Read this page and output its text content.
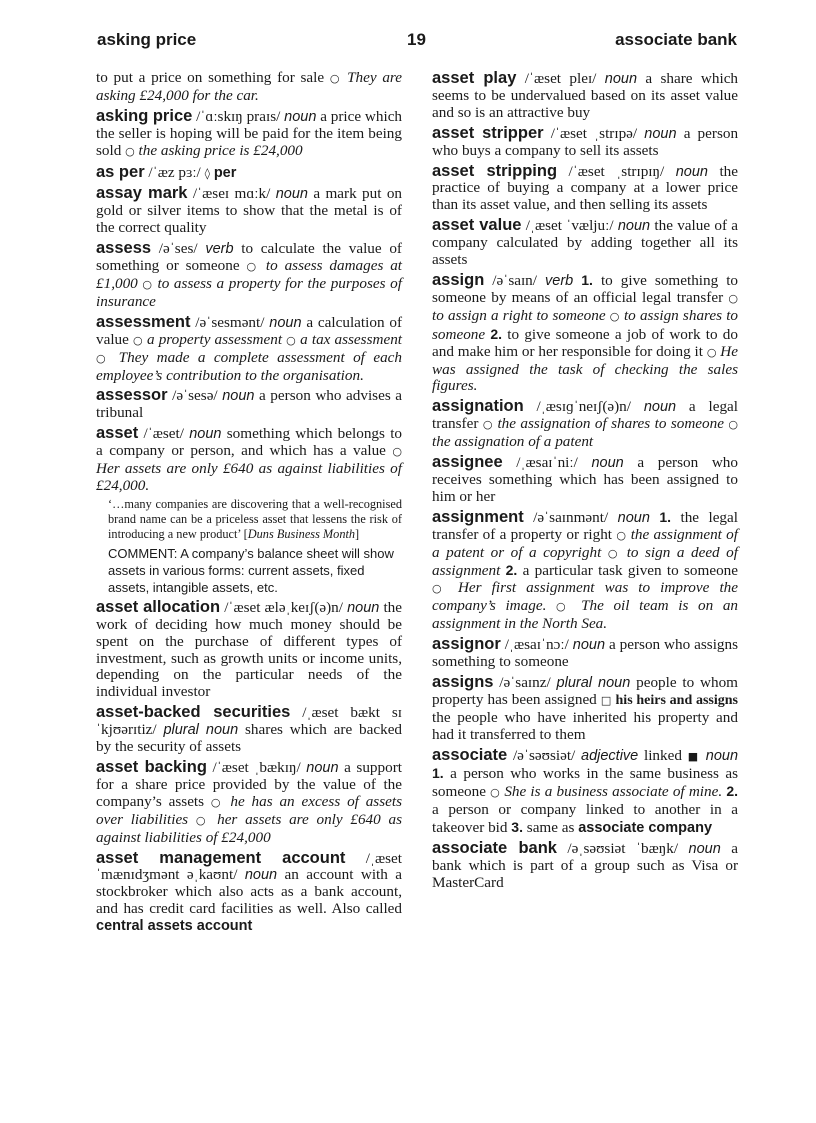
asking price	19	associate bank
to put a price on something for sale ○ They are asking £24,000 for the car.
asking price /ˈɑːskɪŋ praɪs/ noun a price which the seller is hoping will be paid for the item being sold ○ the asking price is £24,000
as per /ˈæz pɜː/ ◊ per
assay mark /ˈæseɪ mɑːk/ noun a mark put on gold or silver items to show that the metal is of the correct quality
assess /əˈses/ verb to calculate the value of something or someone ○ to assess damages at £1,000 ○ to assess a property for the purposes of insurance
assessment /əˈsesmənt/ noun a calculation of value ○ a property assessment ○ a tax assessment ○ They made a complete assessment of each employee’s contribution to the organisation.
assessor /əˈsesə/ noun a person who advises a tribunal
asset /ˈæset/ noun something which belongs to a company or person, and which has a value ○ Her assets are only £640 as against liabilities of £24,000.
‘…many companies are discovering that a well-recognised brand name can be a priceless asset that lessens the risk of introducing a new product’ [Duns Business Month]
COMMENT: A company’s balance sheet will show assets in various forms: current assets, fixed assets, intangible assets, etc.
asset allocation /ˈæset æləˌkeɪʃ(ə)n/ noun the work of deciding how much money should be spent on the purchase of different types of investment, such as growth units or income units, depending on the particular needs of the individual investor
asset-backed securities /ˌæset bækt sɪˈkjʊərɪtiz/ plural noun shares which are backed by the security of assets
asset backing /ˈæset ˌbækɪŋ/ noun a support for a share price provided by the value of the company’s assets ○ he has an excess of assets over liabilities ○ her assets are only £640 as against liabilities of £24,000
asset management account /ˌæset ˈmænɪdʒmənt əˌkaʊnt/ noun an account with a stockbroker which also acts as a bank account, and has credit card facilities as well. Also called central assets account
asset play /ˈæset pleɪ/ noun a share which seems to be undervalued based on its asset value and so is an attractive buy
asset stripper /ˈæset ˌstrɪpə/ noun a person who buys a company to sell its assets
asset stripping /ˈæset ˌstrɪpɪŋ/ noun the practice of buying a company at a lower price than its asset value, and then selling its assets
asset value /ˌæset ˈvæljuː/ noun the value of a company calculated by adding together all its assets
assign /əˈsaɪn/ verb 1. to give something to someone by means of an official legal transfer ○ to assign a right to someone ○ to assign shares to someone 2. to give someone a job of work to do and make him or her responsible for doing it ○ He was assigned the task of checking the sales figures.
assignation /ˌæsɪɡˈneɪʃ(ə)n/ noun a legal transfer ○ the assignation of shares to someone ○ the assignation of a patent
assignee /ˌæsaɪˈniː/ noun a person who receives something which has been assigned to him or her
assignment /əˈsaɪnmənt/ noun 1. the legal transfer of a property or right ○ the assignment of a patent or of a copyright ○ to sign a deed of assignment 2. a particular task given to someone ○ Her first assignment was to improve the company’s image. ○ The oil team is on an assignment in the North Sea.
assignor /ˌæsaɪˈnɔː/ noun a person who assigns something to someone
assigns /əˈsaɪnz/ plural noun people to whom property has been assigned □ his heirs and assigns the people who have inherited his property and had it transferred to them
associate /əˈsəʊsiət/ adjective linked ■ noun 1. a person who works in the same business as someone ○ She is a business associate of mine. 2. a person or company linked to another in a takeover bid 3. same as associate company
associate bank /əˌsəʊsiət ˈbæŋk/ noun a bank which is part of a group such as Visa or MasterCard
